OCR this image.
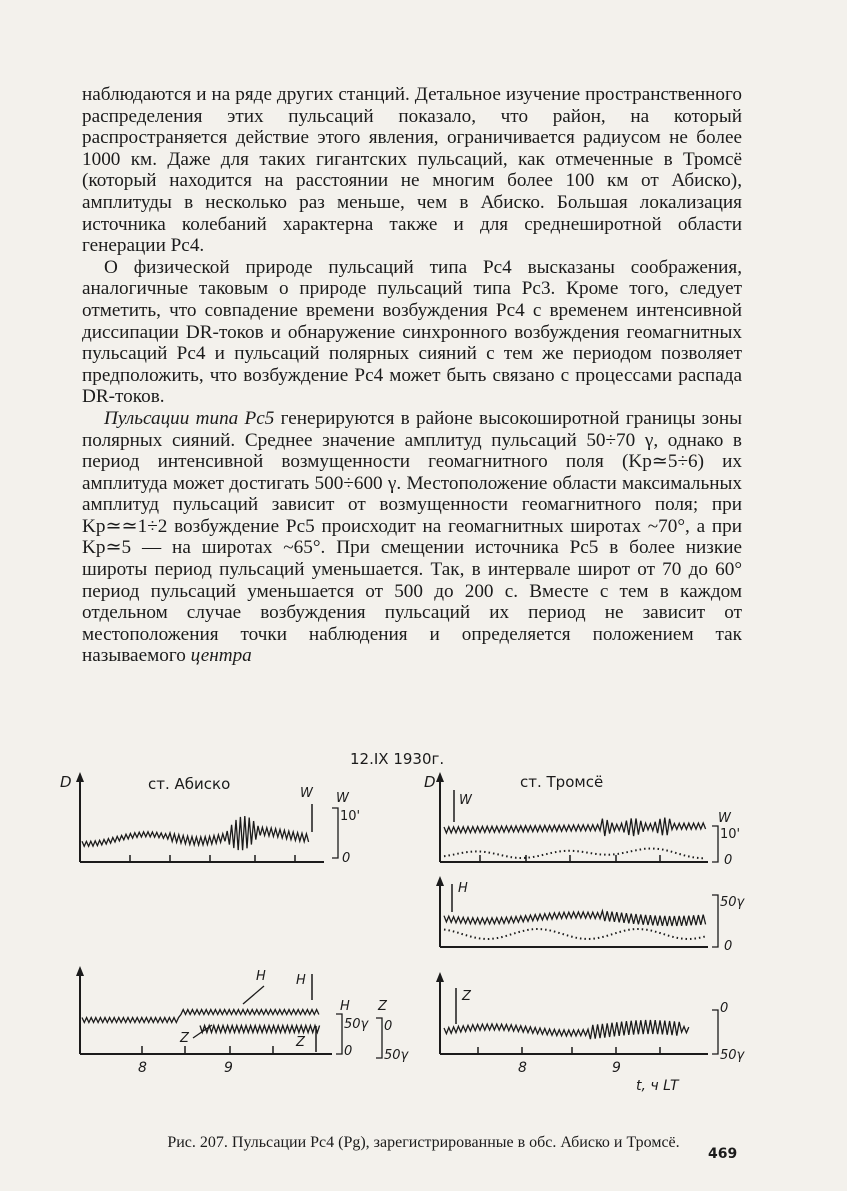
наблюдаются и на ряде других станций. Детальное изучение пространственного распределения этих пульсаций показало, что район, на который распространяется действие этого явления, ограничивается радиусом не более 1000 км. Даже для таких гигантских пульсаций, как отмеченные в Тромсё (который находится на расстоянии не многим более 100 км от Абиско), амплитуды в несколько раз меньше, чем в Абиско. Большая локализация источника колебаний характерна также и для среднеширотной области генерации Pc4.

О физической природе пульсаций типа Pc4 высказаны соображения, аналогичные таковым о природе пульсаций типа Pc3. Кроме того, следует отметить, что совпадение времени возбуждения Pc4 с временем интенсивной диссипации DR-токов и обнаружение синхронного возбуждения геомагнитных пульсаций Pc4 и пульсаций полярных сияний с тем же периодом позволяет предположить, что возбуждение Pc4 может быть связано с процессами распада DR-токов.

Пульсации типа Pc5 генерируются в районе высокоширотной границы зоны полярных сияний. Среднее значение амплитуд пульсаций 50÷70 γ, однако в период интенсивной возмущенности геомагнитного поля (Kp≃5÷6) их амплитуда может достигать 500÷600 γ. Местоположение области максимальных амплитуд пульсаций зависит от возмущенности геомагнитного поля; при Kp≃≃1÷2 возбуждение Pc5 происходит на геомагнитных широтах ~70°, а при Kp≃5 — на широтах ~65°. При смещении источника Pc5 в более низкие широты период пульсаций уменьшается. Так, в интервале широт от 70 до 60° период пульсаций уменьшается от 500 до 200 с. Вместе с тем в каждом отдельном случае возбуждения пульсаций их период не зависит от местоположения точки наблюдения и определяется положением так называемого центра

12.IX 1930г.
D	ст. Абиско
W W
10'
0
D
W
ст. Тромсё
W
10'
0
H
50γ
0
H H
Z	Z
H
50γ
0
Z
0
50γ
8	9
Z
0
50γ
8	9
t, ч LT
Рис. 207. Пульсации Pc4 (Pg), зарегистрированные в обс. Абиско и Тромсё.
469
